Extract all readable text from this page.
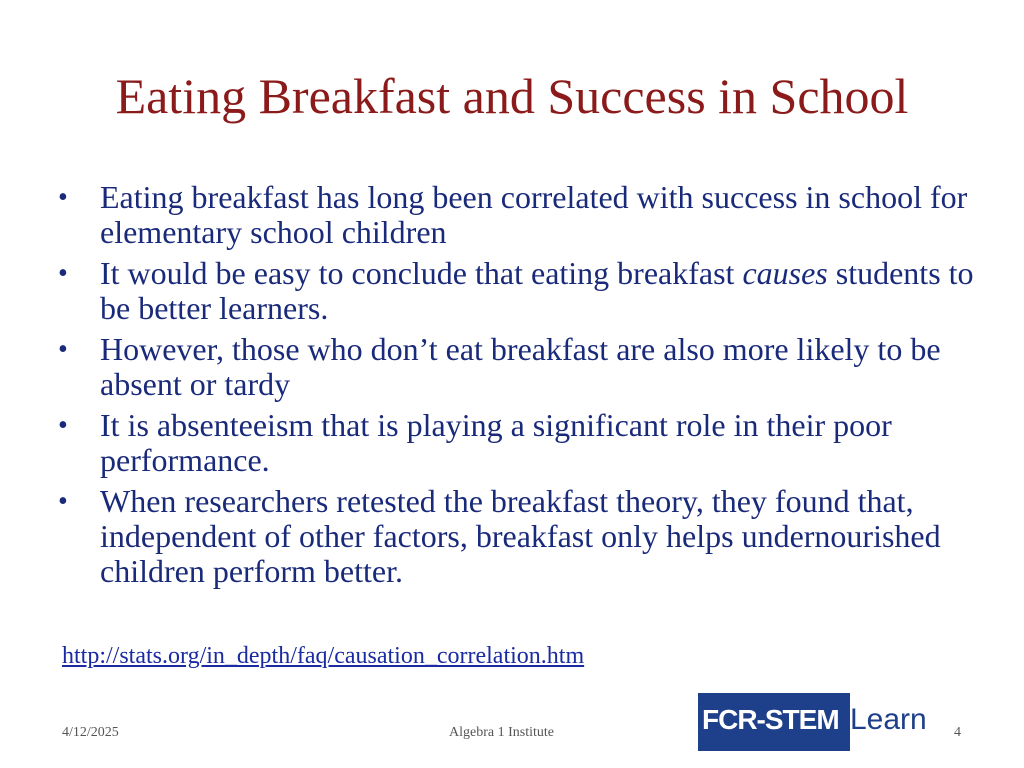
Eating Breakfast and Success in School
• Eating breakfast has long been correlated with success in school for elementary school children
• It would be easy to conclude that eating breakfast causes students to be better learners.
• However, those who don’t eat breakfast are also more likely to be absent or tardy
• It is absenteeism that is playing a significant role in their poor performance.
• When researchers retested the breakfast theory, they found that, independent of other factors, breakfast only helps undernourished children perform better.
http://stats.org/in_depth/faq/causation_correlation.htm
4/12/2025	Algebra 1 Institute	FCR-STEM Learn 4
